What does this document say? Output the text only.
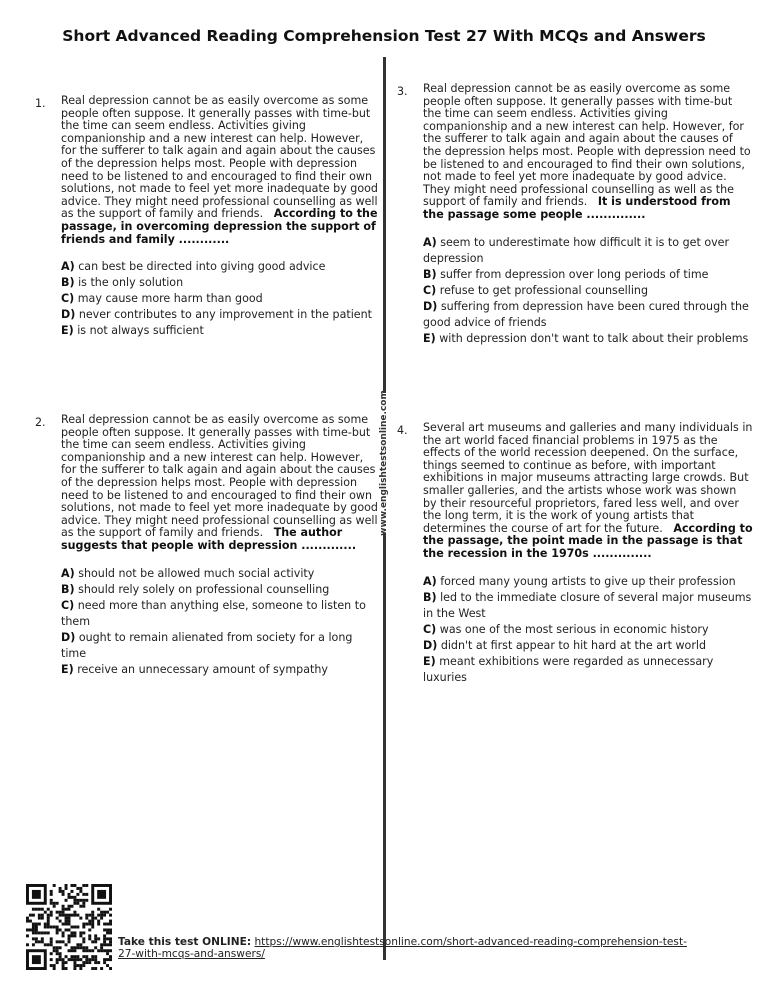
Short Advanced Reading Comprehension Test 27 With MCQs and Answers
www.englishtestsonline.com
1. Real depression cannot be as easily overcome as some people often suppose. It generally passes with time-but the time can seem endless. Activities giving companionship and a new interest can help. However, for the sufferer to talk again and again about the causes of the depression helps most. People with depression need to be listened to and encouraged to find their own solutions, not made to feel yet more inadequate by good advice. They might need professional counselling as well as the support of family and friends. According to the passage, in overcoming depression the support of friends and family ............
A) can best be directed into giving good advice
B) is the only solution
C) may cause more harm than good
D) never contributes to any improvement in the patient
E) is not always sufficient
2. Real depression cannot be as easily overcome as some people often suppose. It generally passes with time-but the time can seem endless. Activities giving companionship and a new interest can help. However, for the sufferer to talk again and again about the causes of the depression helps most. People with depression need to be listened to and encouraged to find their own solutions, not made to feel yet more inadequate by good advice. They might need professional counselling as well as the support of family and friends. The author suggests that people with depression .............
A) should not be allowed much social activity
B) should rely solely on professional counselling
C) need more than anything else, someone to listen to them
D) ought to remain alienated from society for a long time
E) receive an unnecessary amount of sympathy
3. Real depression cannot be as easily overcome as some people often suppose. It generally passes with time-but the time can seem endless. Activities giving companionship and a new interest can help. However, for the sufferer to talk again and again about the causes of the depression helps most. People with depression need to be listened to and encouraged to find their own solutions, not made to feel yet more inadequate by good advice. They might need professional counselling as well as the support of family and friends. It is understood from the passage some people ..............
A) seem to underestimate how difficult it is to get over depression
B) suffer from depression over long periods of time
C) refuse to get professional counselling
D) suffering from depression have been cured through the good advice of friends
E) with depression don't want to talk about their problems
4. Several art museums and galleries and many individuals in the art world faced financial problems in 1975 as the effects of the world recession deepened. On the surface, things seemed to continue as before, with important exhibitions in major museums attracting large crowds. But smaller galleries, and the artists whose work was shown by their resourceful proprietors, fared less well, and over the long term, it is the work of young artists that determines the course of art for the future. According to the passage, the point made in the passage is that the recession in the 1970s ..............
A) forced many young artists to give up their profession
B) led to the immediate closure of several major museums in the West
C) was one of the most serious in economic history
D) didn't at first appear to hit hard at the art world
E) meant exhibitions were regarded as unnecessary luxuries
Take this test ONLINE: https://www.englishtestsonline.com/short-advanced-reading-comprehension-test-27-with-mcqs-and-answers/
